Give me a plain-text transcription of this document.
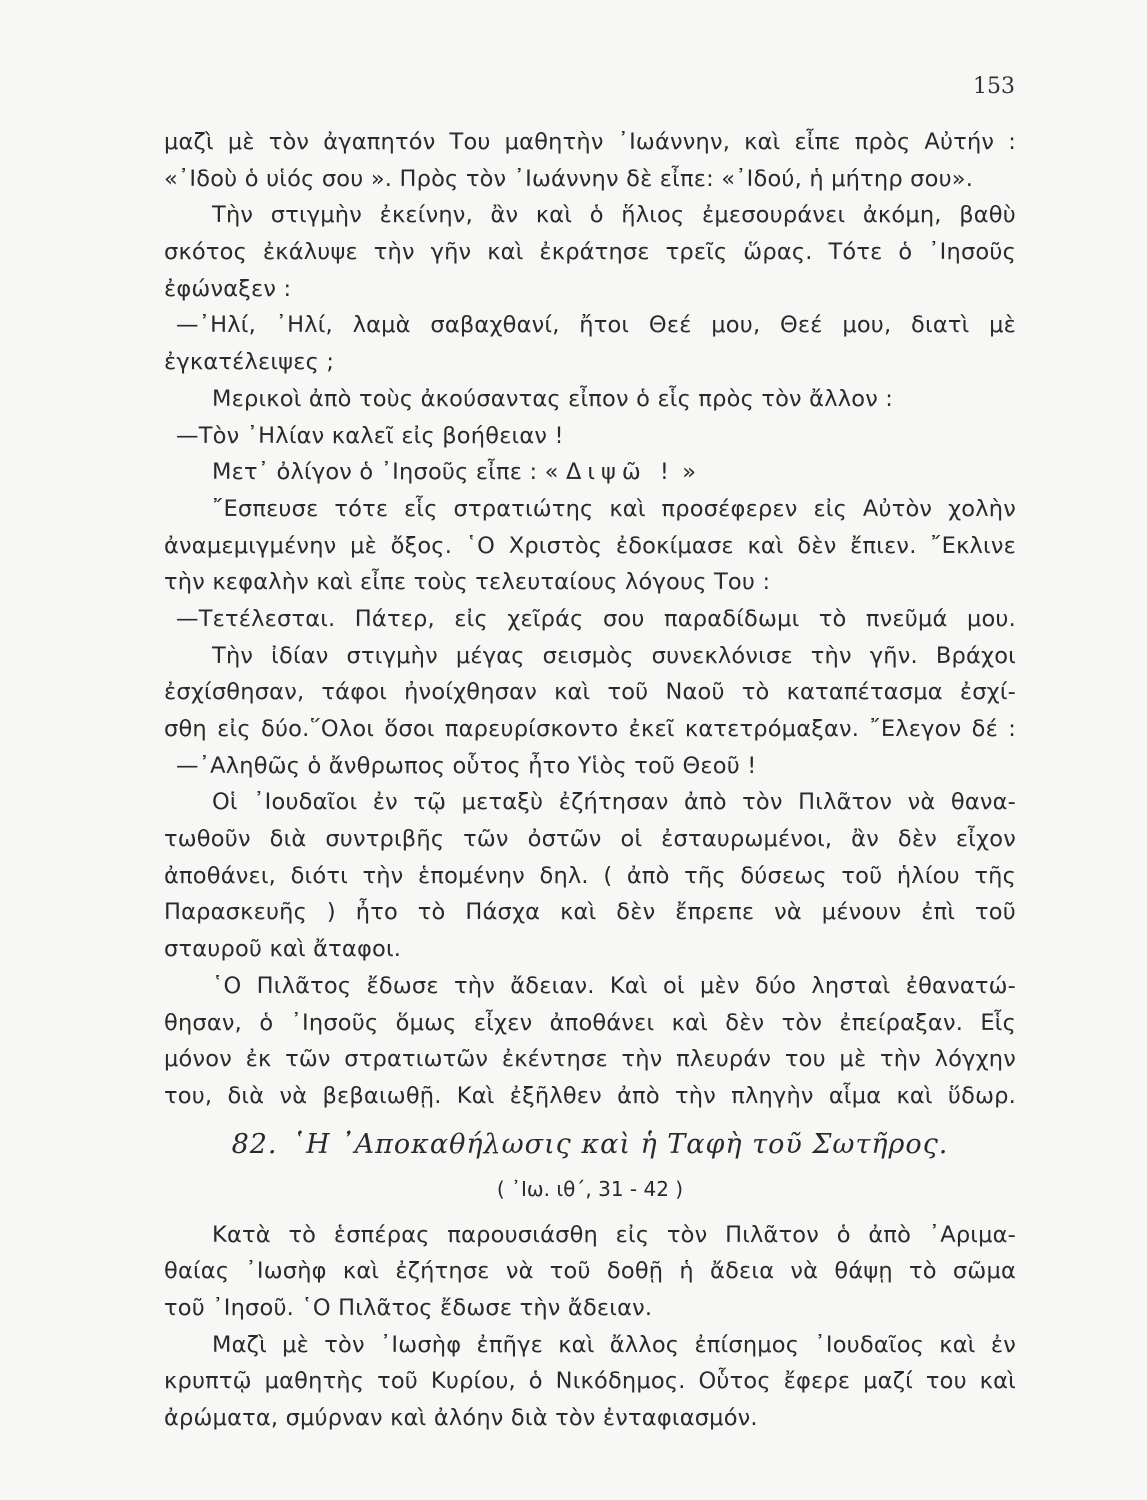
153
μαζὶ μὲ τὸν ἀγαπητόν Του μαθητὴν ᾿Ιωάννην, καὶ εἶπε πρὸς Αὐτήν :
«᾿Ιδοὺ ὁ υἱός σου ». Πρὸς τὸν ᾿Ιωάννην δὲ εἶπε: «᾿Ιδού, ἡ μήτηρ σου».
Τὴν στιγμὴν ἐκείνην, ἂν καὶ ὁ ἥλιος ἐμεσουράνει ἀκόμη, βαθὺ
σκότος ἐκάλυψε τὴν γῆν καὶ ἐκράτησε τρεῖς ὥρας. Τότε ὁ ᾿Ιησοῦς
ἐφώναξεν :
—᾿Ηλί, ᾿Ηλί, λαμὰ σαβαχθανί, ἤτοι Θεέ μου, Θεέ μου, διατὶ μὲ
ἐγκατέλειψες ;
Μερικοὶ ἀπὸ τοὺς ἀκούσαντας εἶπον ὁ εἷς πρὸς τὸν ἄλλον :
—Τὸν ᾿Ηλίαν καλεῖ εἰς βοήθειαν !
Μετ᾿ ὀλίγον ὁ ᾿Ιησοῦς εἶπε : « Διψῶ ! »
῎Εσπευσε τότε εἷς στρατιώτης καὶ προσέφερεν εἰς Αὐτὸν χολὴν
ἀναμεμιγμένην μὲ ὄξος. ῾Ο Χριστὸς ἐδοκίμασε καὶ δὲν ἔπιεν. ῎Εκλινε
τὴν κεφαλὴν καὶ εἶπε τοὺς τελευταίους λόγους Του :
—Τετέλεσται. Πάτερ, εἰς χεῖράς σου παραδίδωμι τὸ πνεῦμά μου.
Τὴν ἰδίαν στιγμὴν μέγας σεισμὸς συνεκλόνισε τὴν γῆν. Βράχοι
ἐσχίσθησαν, τάφοι ἠνοίχθησαν καὶ τοῦ Ναοῦ τὸ καταπέτασμα ἐσχί-
σθη εἰς δύο.῞Ολοι ὅσοι παρευρίσκοντο ἐκεῖ κατετρόμαξαν. ῎Ελεγον δέ :
—᾿Αληθῶς ὁ ἄνθρωπος οὗτος ἦτο Υἱὸς τοῦ Θεοῦ !
Οἱ ᾿Ιουδαῖοι ἐν τῷ μεταξὺ ἐζήτησαν ἀπὸ τὸν Πιλᾶτον νὰ θανα-
τωθοῦν διὰ συντριβῆς τῶν ὀστῶν οἱ ἐσταυρωμένοι, ἂν δὲν εἶχον
ἀποθάνει, διότι τὴν ἑπομένην δηλ. ( ἀπὸ τῆς δύσεως τοῦ ἡλίου τῆς
Παρασκευῆς ) ἦτο τὸ Πάσχα καὶ δὲν ἔπρεπε νὰ μένουν ἐπὶ τοῦ
σταυροῦ καὶ ἄταφοι.
῾Ο Πιλᾶτος ἔδωσε τὴν ἄδειαν. Καὶ οἱ μὲν δύο λησταὶ ἐθανατώ-
θησαν, ὁ ᾿Ιησοῦς ὅμως εἶχεν ἀποθάνει καὶ δὲν τὸν ἐπείραξαν. Εἷς
μόνον ἐκ τῶν στρατιωτῶν ἐκέντησε τὴν πλευράν του μὲ τὴν λόγχην
του, διὰ νὰ βεβαιωθῇ. Καὶ ἐξῆλθεν ἀπὸ τὴν πληγὴν αἷμα καὶ ὕδωρ.
82. ῾Η ᾿Αποκαθήλωσις καὶ ἡ Ταφὴ τοῦ Σωτῆρος.
( ᾿Ιω. ιθ΄, 31 - 42 )
Κατὰ τὸ ἑσπέρας παρουσιάσθη εἰς τὸν Πιλᾶτον ὁ ἀπὸ ᾿Αριμα-
θαίας ᾿Ιωσὴφ καὶ ἐζήτησε νὰ τοῦ δοθῇ ἡ ἄδεια νὰ θάψῃ τὸ σῶμα
τοῦ ᾿Ιησοῦ. ῾Ο Πιλᾶτος ἔδωσε τὴν ἄδειαν.
Μαζὶ μὲ τὸν ᾿Ιωσὴφ ἐπῆγε καὶ ἄλλος ἐπίσημος ᾿Ιουδαῖος καὶ ἐν
κρυπτῷ μαθητὴς τοῦ Κυρίου, ὁ Νικόδημος. Οὗτος ἔφερε μαζί του καὶ
ἀρώματα, σμύρναν καὶ ἀλόην διὰ τὸν ἐνταφιασμόν.
